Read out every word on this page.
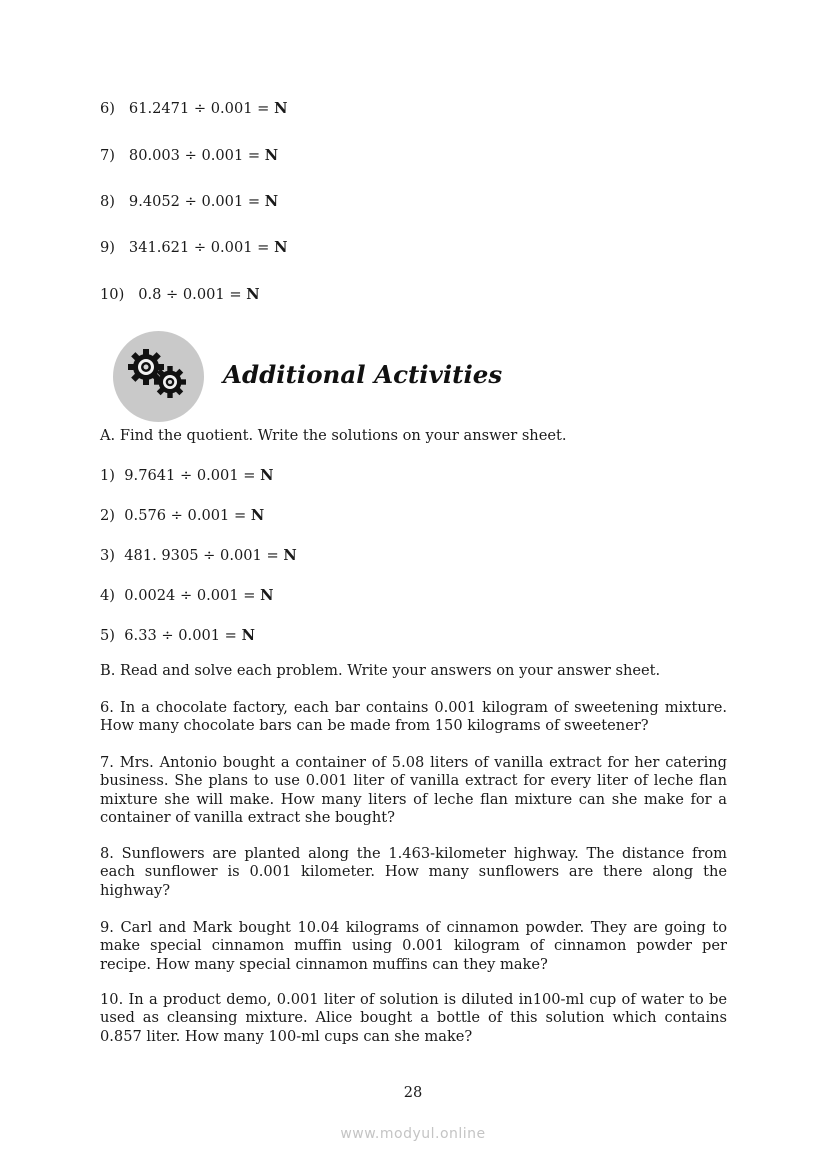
6) 61.2471 ÷ 0.001 = N
7) 80.003 ÷ 0.001 = N
8) 9.4052 ÷ 0.001 = N
9) 341.621 ÷ 0.001 = N
10) 0.8 ÷ 0.001 = N
Additional Activities
A. Find the quotient. Write the solutions on your answer sheet.
1) 9.7641 ÷ 0.001 = N
2) 0.576 ÷ 0.001 = N
3) 481. 9305 ÷ 0.001 = N
4) 0.0024 ÷ 0.001 = N
5) 6.33 ÷ 0.001 = N
B. Read and solve each problem. Write your answers on your answer sheet.
6. In a chocolate factory, each bar contains 0.001 kilogram of sweetening mixture. How many chocolate bars can be made from 150 kilograms of sweetener?
7. Mrs. Antonio bought a container of 5.08 liters of vanilla extract for her catering business. She plans to use 0.001 liter of vanilla extract for every liter of leche flan mixture she will make. How many liters of leche flan mixture can she make for a container of vanilla extract she bought?
8. Sunflowers are planted along the 1.463-kilometer highway. The distance from each sunflower is 0.001 kilometer. How many sunflowers are there along the highway?
9. Carl and Mark bought 10.04 kilograms of cinnamon powder. They are going to make special cinnamon muffin using 0.001 kilogram of cinnamon powder per recipe. How many special cinnamon muffins can they make?
10. In a product demo, 0.001 liter of solution is diluted in100-ml cup of water to be used as cleansing mixture. Alice bought a bottle of this solution which contains 0.857 liter. How many 100-ml cups can she make?
28
www.modyul.online
